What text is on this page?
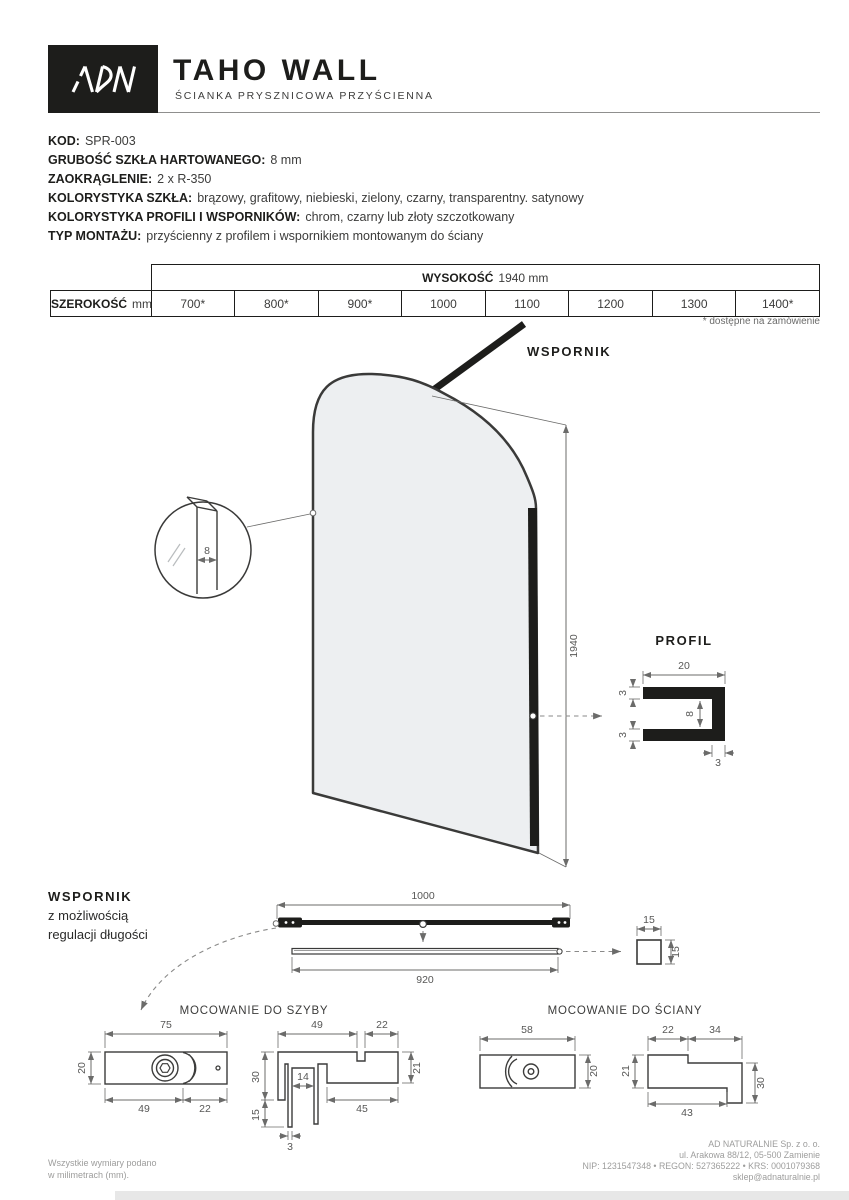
TAHO WALL
ŚCIANKA PRYSZNICOWA PRZYŚCIENNA
KOD: SPR-003
GRUBOŚĆ SZKŁA HARTOWANEGO: 8 mm
ZAOKRĄGLENIE: 2 x R-350
KOLORYSTYKA SZKŁA: brązowy, grafitowy, niebieski, zielony, czarny, transparentny. satynowy
KOLORYSTYKA PROFILI I WSPORNIKÓW: chrom, czarny lub złoty szczotkowany
TYP MONTAŻU: przyścienny z profilem i wspornikiem montowanym do ściany
	WYSOKOŚĆ 1940 mm							
SZEROKOŚĆ mm	700*	800*	900*	1000	1100	1200	1300	1400*
* dostępne na zamówienie
WSPORNIK
8
1940	PROFIL
20
3
8
3
3
WSPORNIK
z możliwością
regulacji długości
1000
920
15
15
MOCOWANIE DO SZYBY
75
20
49	22
49	22
30	14
21
45
15
3
MOCOWANIE DO ŚCIANY
58
20
22	34
21
30
43
Wszystkie wymiary podano
w milimetrach (mm).
AD NATURALNIE Sp. z o. o.
ul. Arakowa 88/12, 05-500 Zamienie
NIP: 1231547348 • REGON: 527365222 • KRS: 0001079368
sklep@adnaturalnie.pl
